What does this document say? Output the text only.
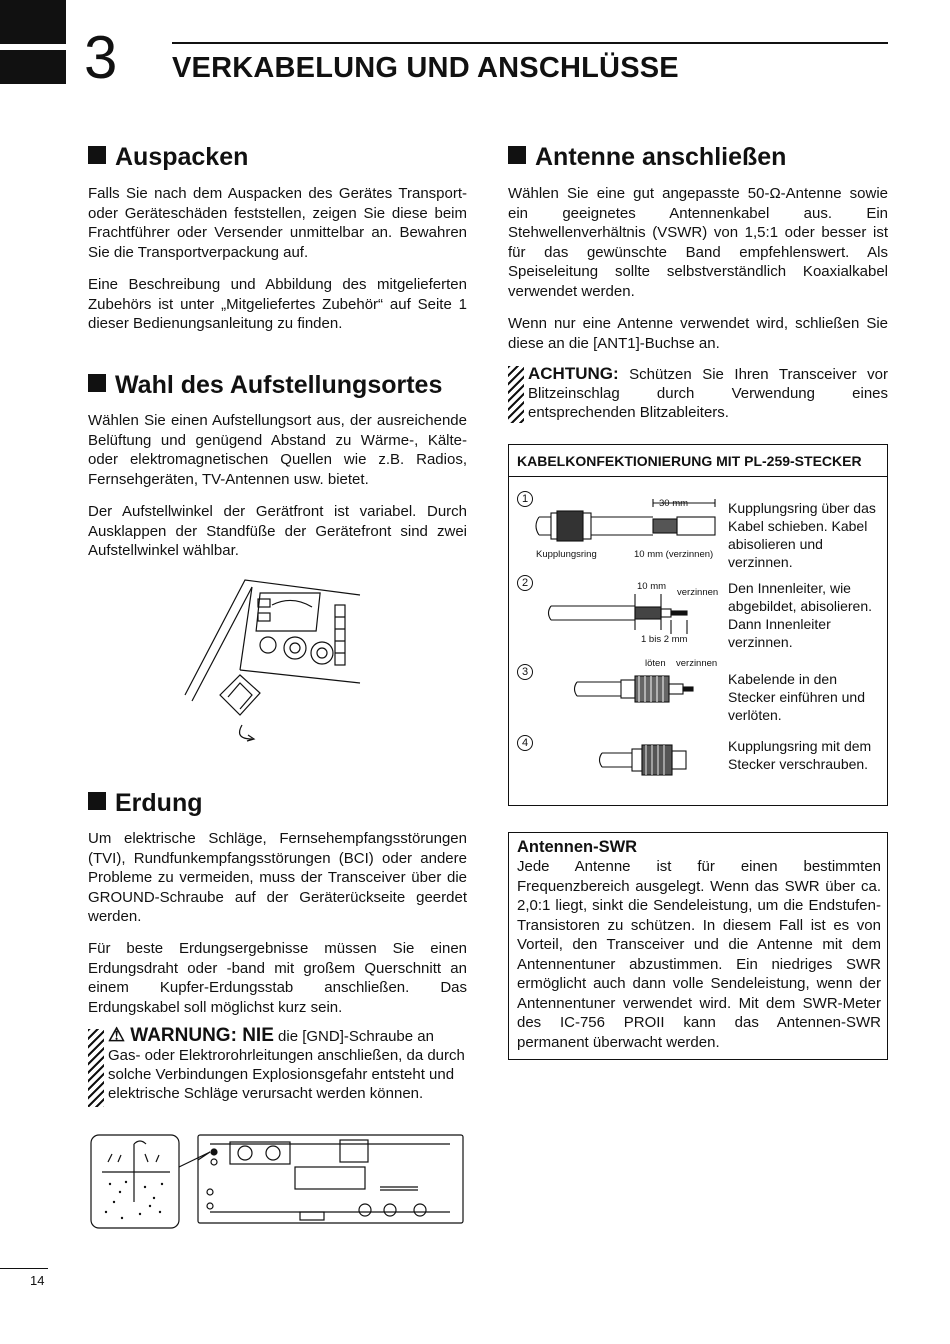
3 VERKABELUNG UND ANSCHLÜSSE
Auspacken

Falls Sie nach dem Auspacken des Gerätes Transport- oder Geräteschäden feststellen, zeigen Sie diese beim Frachtführer oder Versender unmittelbar an. Bewahren Sie die Transportverpackung auf.

Eine Beschreibung und Abbildung des mitgelieferten Zubehörs ist unter „Mitgeliefertes Zubehör“ auf Seite 1 dieser Bedienungsanleitung zu finden.

Wahl des Aufstellungsortes

Wählen Sie einen Aufstellungsort aus, der ausreichende Belüftung und genügend Abstand zu Wärme-, Kälte- oder elektromagnetischen Quellen wie z.B. Radios, Fernsehgeräten, TV-Antennen usw. bietet.

Der Aufstellwinkel der Gerätfront ist variabel. Durch Ausklappen der Standfüße der Gerätefront sind zwei Aufstellwinkel wählbar.

Erdung

Um elektrische Schläge, Fernsehempfangsstörungen (TVI), Rundfunkempfangsstörungen (BCI) oder andere Probleme zu vermeiden, muss der Transceiver über die GROUND-Schraube auf der Geräterückseite geerdet werden.

Für beste Erdungsergebnisse müssen Sie einen Erdungsdraht oder -band mit großem Querschnitt an einem Kupfer-Erdungsstab anschließen. Das Erdungskabel soll möglichst kurz sein.

⚠ WARNUNG: NIE die [GND]-Schraube an Gas- oder Elektrorohrleitungen anschließen, da durch solche Verbindungen Explosionsgefahr entsteht und elektrische Schläge verursacht werden können.

14
Antenne anschließen

Wählen Sie eine gut angepasste 50-Ω-Antenne sowie ein geeignetes Antennenkabel aus. Ein Stehwellenverhältnis (VSWR) von 1,5:1 oder besser ist für das gewünschte Band empfehlenswert. Als Speiseleitung sollte selbstverständlich Koaxialkabel verwendet werden.

Wenn nur eine Antenne verwendet wird, schließen Sie diese an die [ANT1]-Buchse an.

ACHTUNG: Schützen Sie Ihren Transceiver vor Blitzeinschlag durch Verwendung eines entsprechenden Blitzableiters.

KABELKONFEKTIONIERUNG MIT PL-259-STECKER
1
2
3
4
Kupplungsring über das Kabel schieben. Kabel abisolieren und verzinnen.
Den Innenleiter, wie abgebildet, abisolieren. Dann Innenleiter verzinnen.
Kabelende in den Stecker einführen und verlöten.
Kupplungsring mit dem Stecker verschrauben.
30 mm
Kupplungsring	10 mm (verzinnen)
10 mm
verzinnen
1 bis 2 mm
löten verzinnen
Antennen-SWR

Jede Antenne ist für einen bestimmten Frequenzbereich ausgelegt. Wenn das SWR über ca. 2,0:1 liegt, sinkt die Sendeleistung, um die Endstufen-Transistoren zu schützen. In diesem Fall ist es von Vorteil, den Transceiver und die Antenne mit dem Antennentuner abzustimmen. Ein niedriges SWR ermöglicht auch dann volle Sendeleistung, wenn der Antennentuner verwendet wird. Mit dem SWR-Meter des IC-756 PROII kann das Antennen-SWR permanent überwacht werden.
